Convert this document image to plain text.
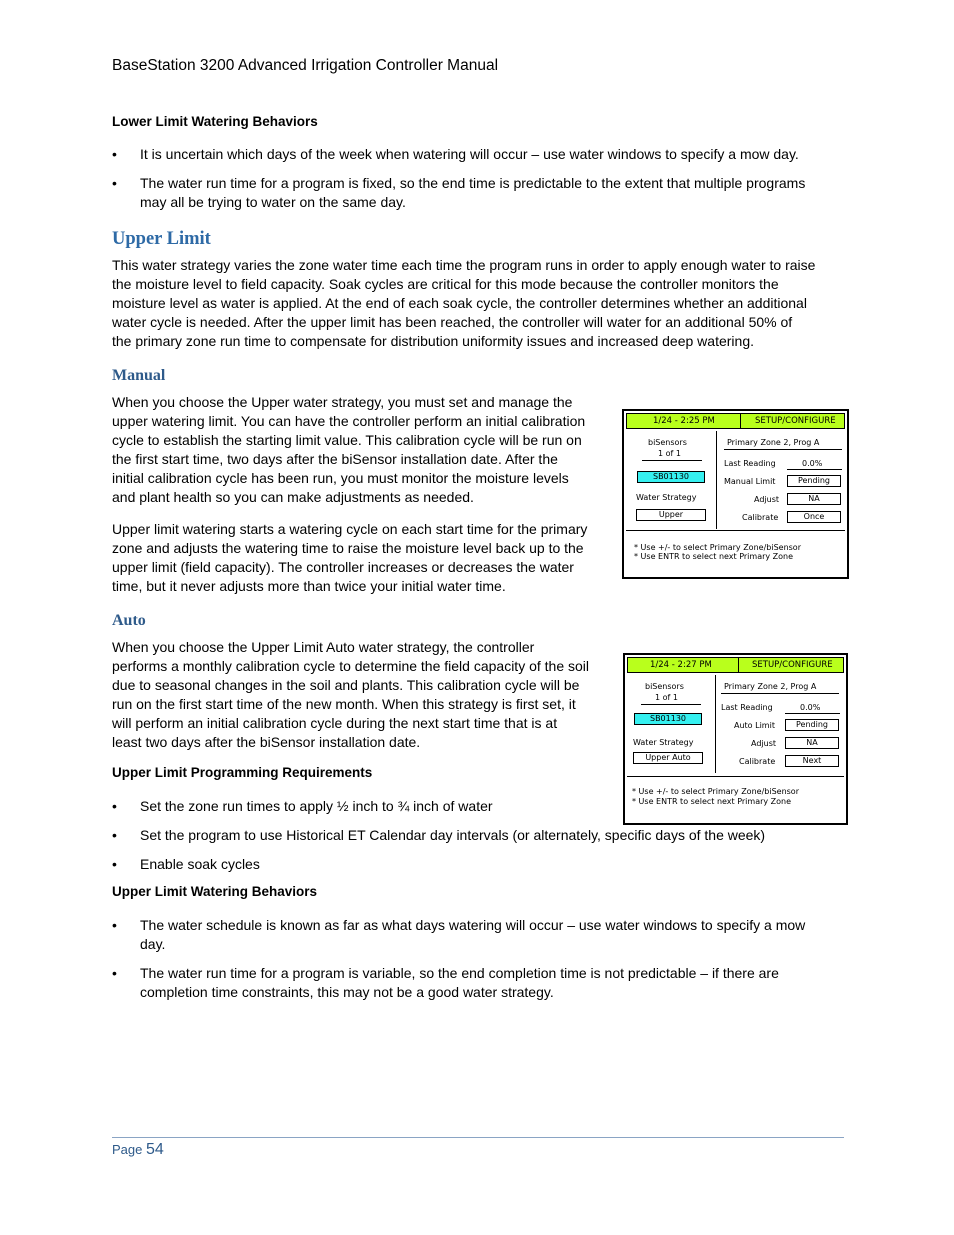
BaseStation 3200 Advanced Irrigation Controller Manual
Lower Limit Watering Behaviors
• It is uncertain which days of the week when watering will occur – use water windows to specify a mow day.
• The water run time for a program is fixed, so the end time is predictable to the extent that multiple programs
may all be trying to water on the same day.
Upper Limit

This water strategy varies the zone water time each time the program runs in order to apply enough water to raise

the moisture level to field capacity. Soak cycles are critical for this mode because the controller monitors the

moisture level as water is applied. At the end of each soak cycle, the controller determines whether an additional

water cycle is needed. After the upper limit has been reached, the controller will water for an additional 50% of

the primary zone run time to compensate for distribution uniformity issues and increased deep watering.

Manual

When you choose the Upper water strategy, you must set and manage the

upper watering limit. You can have the controller perform an initial calibration

cycle to establish the starting limit value. This calibration cycle will be run on

the first start time, two days after the biSensor installation date. After the

initial calibration cycle has been run, you must monitor the moisture levels

and plant health so you can make adjustments as needed.

Upper limit watering starts a watering cycle on each start time for the primary

zone and adjusts the watering time to raise the moisture level back up to the

upper limit (field capacity). The controller increases or decreases the water

time, but it never adjusts more than twice your initial water time.

1/24 - 2:25 PM	SETUP/CONFIGURE
biSensors
1 of 1
SB01130
Water Strategy
Upper
Primary Zone 2, Prog A
Last Reading	0.0%
Manual Limit	Pending
Adjust	NA
Calibrate	Once
* Use +/- to select Primary Zone/biSensor
* Use ENTR to select next Primary Zone
Auto

When you choose the Upper Limit Auto water strategy, the controller

performs a monthly calibration cycle to determine the field capacity of the soil

due to seasonal changes in the soil and plants. This calibration cycle will be

run on the first start time of the new month. When this strategy is first set, it

will perform an initial calibration cycle during the next start time that is at

least two days after the biSensor installation date.

1/24 - 2:27 PM	SETUP/CONFIGURE
biSensors
1 of 1
SB01130
Water Strategy
Upper Auto
Primary Zone 2, Prog A
Last Reading	0.0%
Auto Limit	Pending
Adjust	NA
Calibrate	Next
* Use +/- to select Primary Zone/biSensor
* Use ENTR to select next Primary Zone
Upper Limit Programming Requirements
• Set the zone run times to apply ½ inch to ¾ inch of water
• Set the program to use Historical ET Calendar day intervals (or alternately, specific days of the week)
• Enable soak cycles
Upper Limit Watering Behaviors
• The water schedule is known as far as what days watering will occur – use water windows to specify a mow
day.
• The water run time for a program is variable, so the end completion time is not predictable – if there are
completion time constraints, this may not be a good water strategy.
Page 54
